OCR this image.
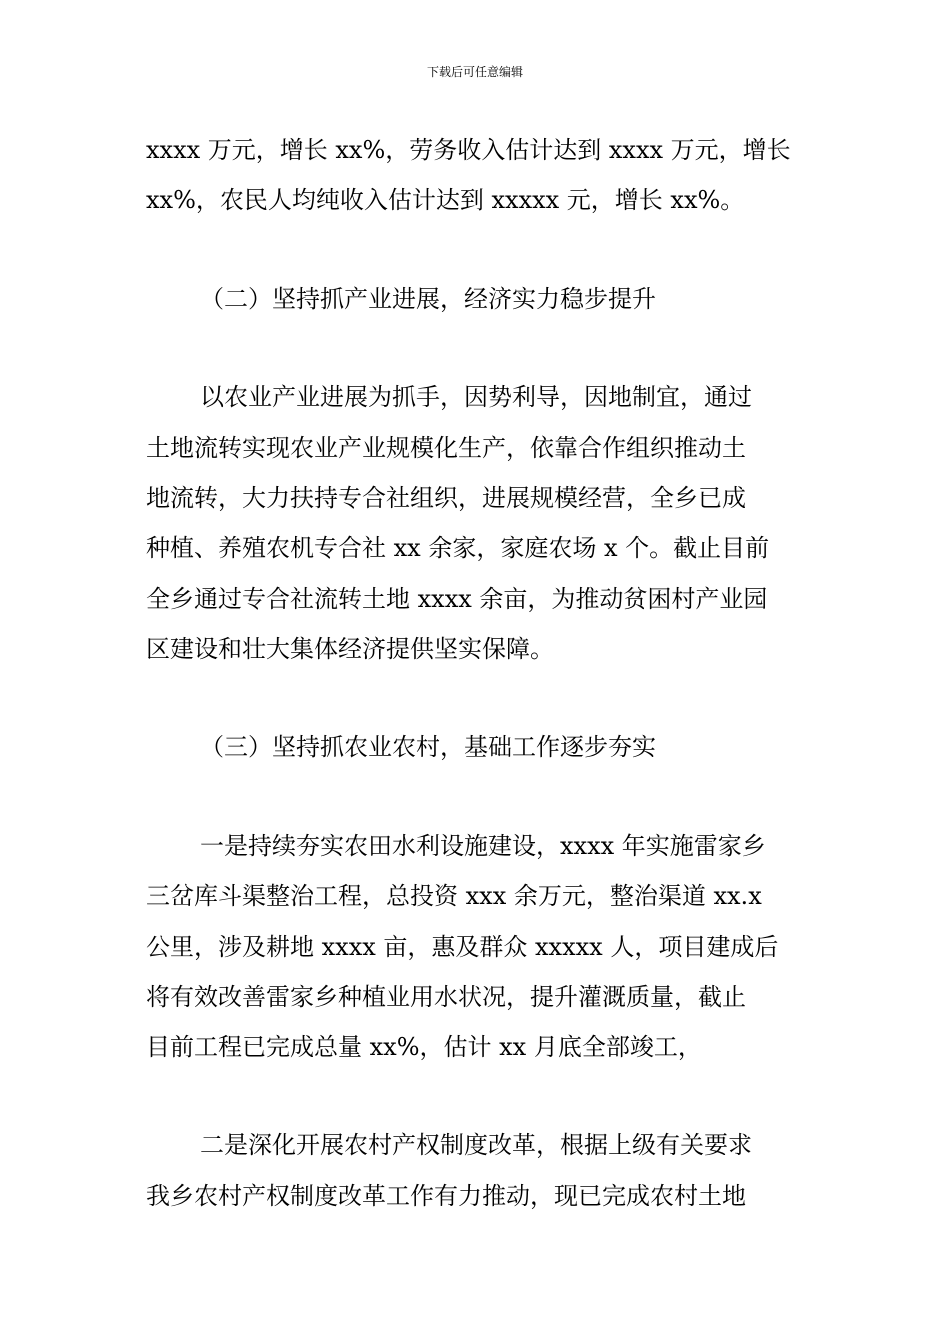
下载后可任意编辑
xxxx 万元，增长 xx%，劳务收入估计达到 xxxx 万元，增长
xx%，农民人均纯收入估计达到 xxxxx 元，增长 xx%。
（二）坚持抓产业进展，经济实力稳步提升
以农业产业进展为抓手，因势利导，因地制宜，通过
土地流转实现农业产业规模化生产，依靠合作组织推动土
地流转，大力扶持专合社组织，进展规模经营，全乡已成
种植、养殖农机专合社 xx 余家，家庭农场 x 个。截止目前
全乡通过专合社流转土地 xxxx 余亩，为推动贫困村产业园
区建设和壮大集体经济提供坚实保障。
（三）坚持抓农业农村，基础工作逐步夯实
一是持续夯实农田水利设施建设，xxxx 年实施雷家乡
三岔库斗渠整治工程，总投资 xxx 余万元，整治渠道 xx.x
公里，涉及耕地 xxxx 亩，惠及群众 xxxxx 人，项目建成后
将有效改善雷家乡种植业用水状况，提升灌溉质量，截止
目前工程已完成总量 xx%，估计 xx 月底全部竣工，
二是深化开展农村产权制度改革，根据上级有关要求
我乡农村产权制度改革工作有力推动，现已完成农村土地
